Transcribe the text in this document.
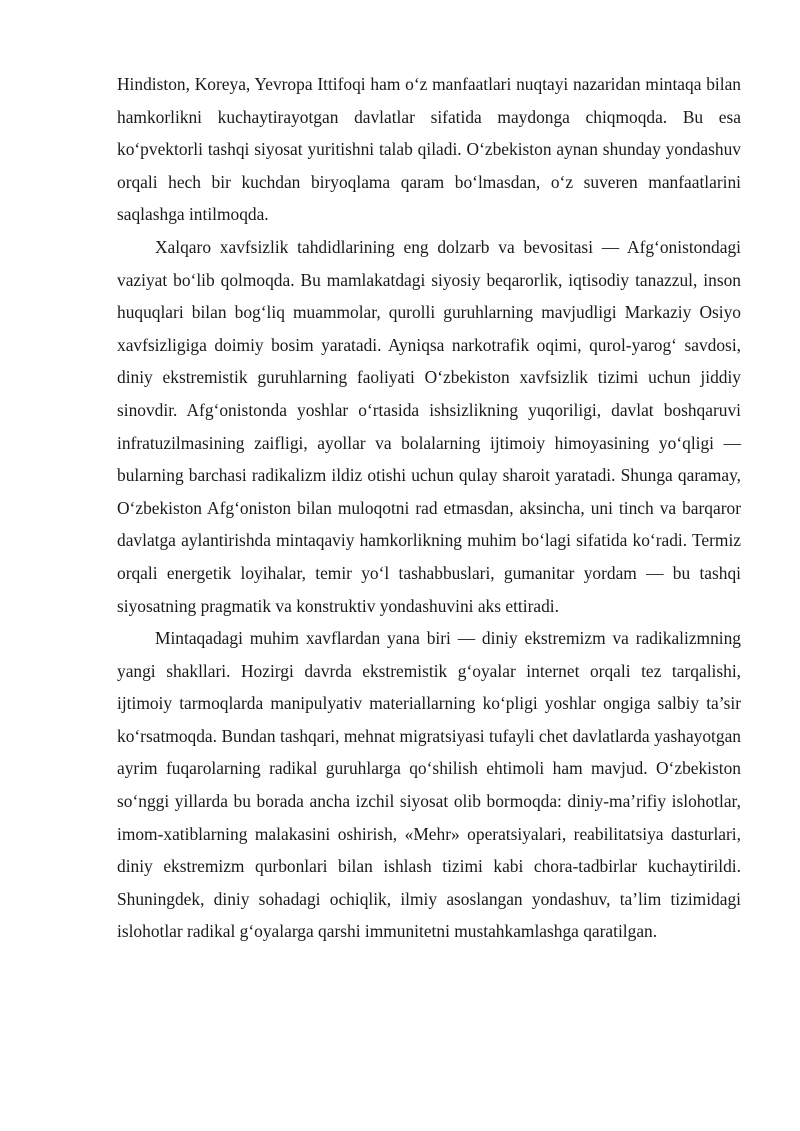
Hindiston, Koreya, Yevropa Ittifoqi ham o‘z manfaatlari nuqtayi nazaridan mintaqa bilan hamkorlikni kuchaytirayotgan davlatlar sifatida maydonga chiqmoqda. Bu esa ko‘pvektorli tashqi siyosat yuritishni talab qiladi. O‘zbekiston aynan shunday yondashuv orqali hech bir kuchdan biryoqlama qaram bo‘lmasdan, o‘z suveren manfaatlarini saqlashga intilmoqda.

Xalqaro xavfsizlik tahdidlarining eng dolzarb va bevositasi — Afg‘onistondagi vaziyat bo‘lib qolmoqda. Bu mamlakatdagi siyosiy beqarorlik, iqtisodiy tanazzul, inson huquqlari bilan bog‘liq muammolar, qurolli guruhlarning mavjudligi Markaziy Osiyo xavfsizligiga doimiy bosim yaratadi. Ayniqsa narkotrafik oqimi, qurol-yarog‘ savdosi, diniy ekstremistik guruhlarning faoliyati O‘zbekiston xavfsizlik tizimi uchun jiddiy sinovdir. Afg‘onistonda yoshlar o‘rtasida ishsizlikning yuqoriligi, davlat boshqaruvi infratuzilmasining zaifligi, ayollar va bolalarning ijtimoiy himoyasining yo‘qligi — bularning barchasi radikalizm ildiz otishi uchun qulay sharoit yaratadi. Shunga qaramay, O‘zbekiston Afg‘oniston bilan muloqotni rad etmasdan, aksincha, uni tinch va barqaror davlatga aylantirishda mintaqaviy hamkorlikning muhim bo‘lagi sifatida ko‘radi. Termiz orqali energetik loyihalar, temir yo‘l tashabbuslari, gumanitar yordam — bu tashqi siyosatning pragmatik va konstruktiv yondashuvini aks ettiradi.

Mintaqadagi muhim xavflardan yana biri — diniy ekstremizm va radikalizmning yangi shakllari. Hozirgi davrda ekstremistik g‘oyalar internet orqali tez tarqalishi, ijtimoiy tarmoqlarda manipulyativ materiallarning ko‘pligi yoshlar ongiga salbiy ta’sir ko‘rsatmoqda. Bundan tashqari, mehnat migratsiyasi tufayli chet davlatlarda yashayotgan ayrim fuqarolarning radikal guruhlarga qo‘shilish ehtimoli ham mavjud. O‘zbekiston so‘nggi yillarda bu borada ancha izchil siyosat olib bormoqda: diniy-ma’rifiy islohotlar, imom-xatiblarning malakasini oshirish, «Mehr» operatsiyalari, reabilitatsiya dasturlari, diniy ekstremizm qurbonlari bilan ishlash tizimi kabi chora-tadbirlar kuchaytirildi. Shuningdek, diniy sohadagi ochiqlik, ilmiy asoslangan yondashuv, ta’lim tizimidagi islohotlar radikal g‘oyalarga qarshi immunitetni mustahkamlashga qaratilgan.
